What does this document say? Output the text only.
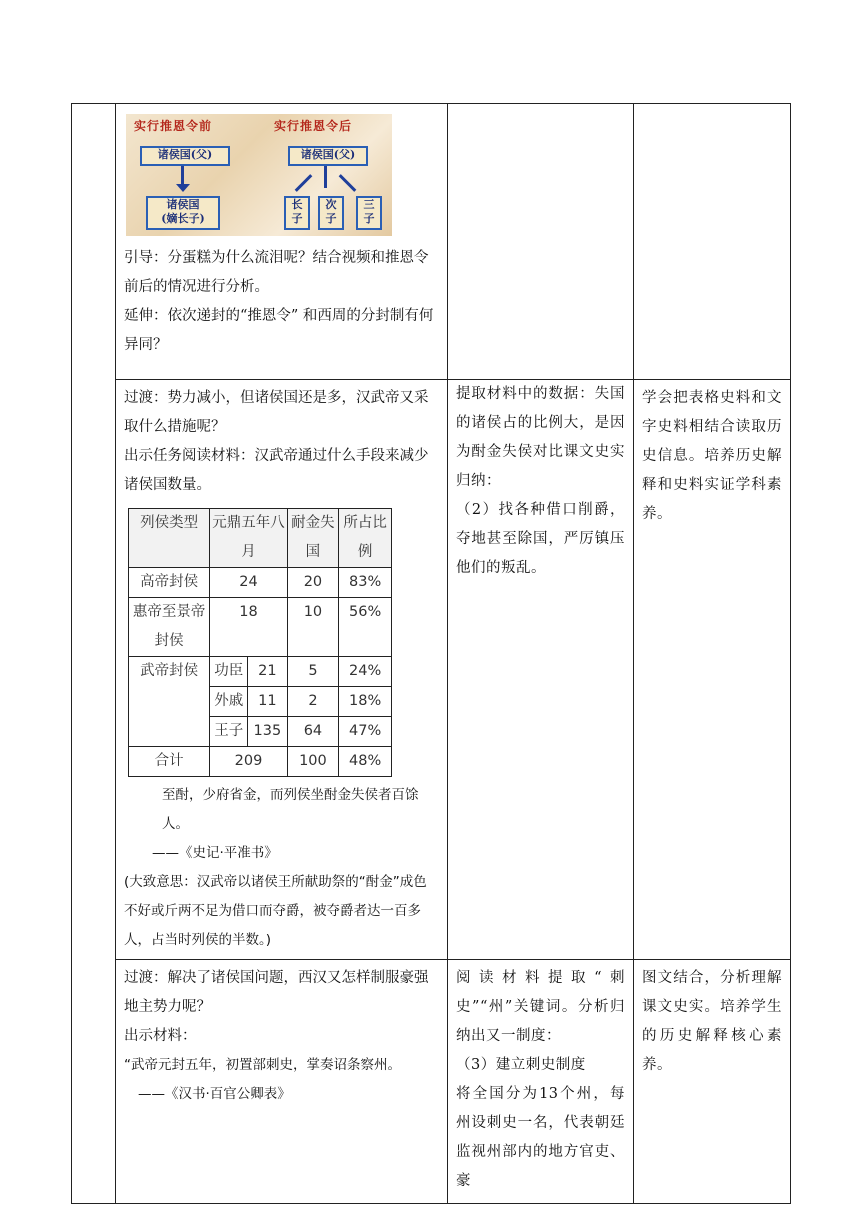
实行推恩令前	实行推恩令后
诸侯国(父)
诸侯国
(嫡长子)
诸侯国(父)
长
子
次
子
三
子

引导：分蛋糕为什么流泪呢？结合视频和推恩令前后的情况进行分析。

延伸：依次递封的“推恩令” 和西周的分封制有何异同？

过渡：势力减小，但诸侯国还是多，汉武帝又采取什么措施呢？

出示任务阅读材料：汉武帝通过什么手段来减少诸侯国数量。

列侯类型	元鼎五年八月	耐金失国	所占比例
高帝封侯	24	20	83%
惠帝至景帝封侯	18	10	56%
武帝封侯	功臣	21	5	24%
外戚	11	2	18%
王子	135	64	47%
合计	209	100	48%

至酎，少府省金，而列侯坐酎金失侯者百馀人。

——《史记·平准书》

(大致意思：汉武帝以诸侯王所献助祭的“酎金”成色不好或斤两不足为借口而夺爵，被夺爵者达一百多人，占当时列侯的半数。)

提取材料中的数据：失国的诸侯占的比例大，是因为酎金失侯对比课文史实归纳：

（2）找各种借口削爵，夺地甚至除国，严厉镇压他们的叛乱。

学会把表格史料和文字史料相结合读取历史信息。培养历史解释和史料实证学科素养。

过渡：解决了诸侯国问题，西汉又怎样制服豪强地主势力呢？

出示材料：

“武帝元封五年，初置部刺史，掌奏诏条察州。

——《汉书·百官公卿表》

阅读材料提取“刺史”“州”关键词。分析归纳出又一制度：

（3）建立刺史制度

将全国分为13个州，每州设刺史一名，代表朝廷监视州部内的地方官吏、豪

图文结合，分析理解课文史实。培养学生的历史解释核心素养。
